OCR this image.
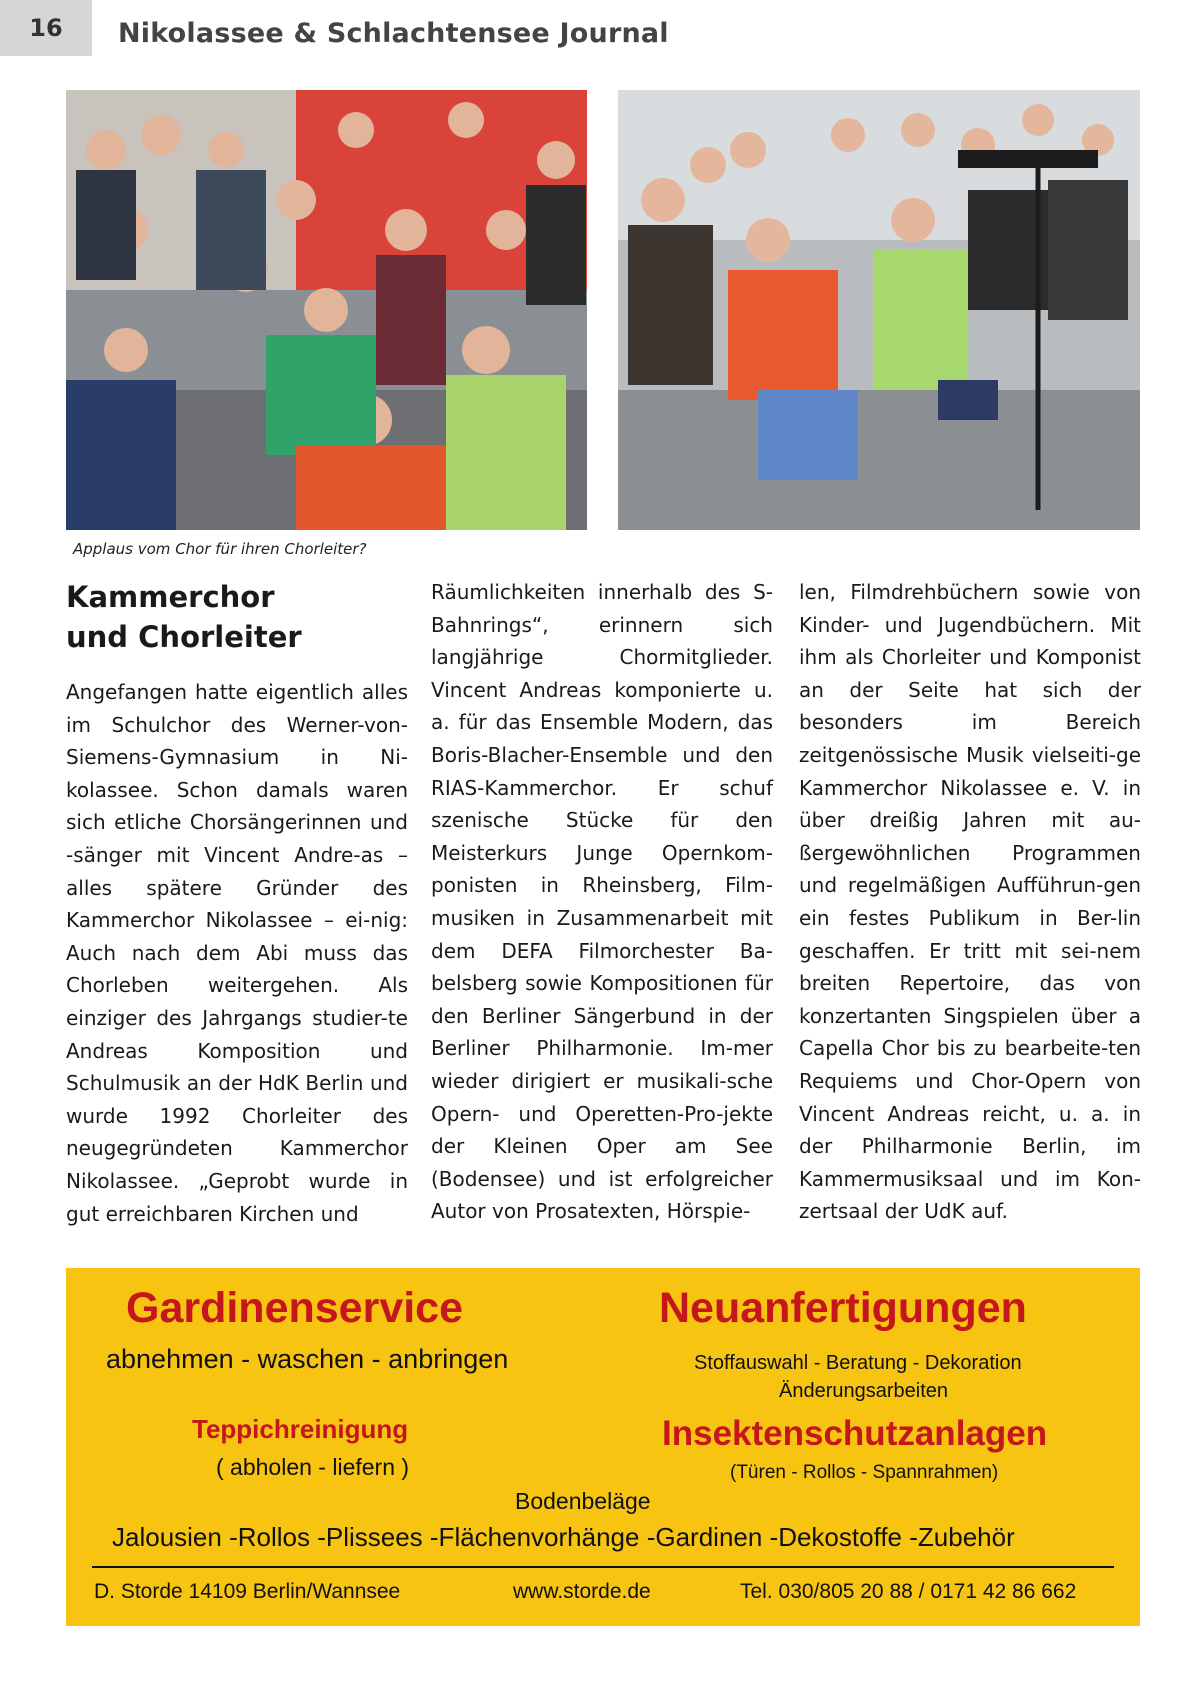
16	Nikolassee & Schlachtensee Journal
Applaus vom Chor für ihren Chorleiter?
Kammerchor
und Chorleiter

Angefangen hatte eigentlich alles im Schulchor des Werner-von-Siemens-Gymnasium in Ni-kolassee. Schon damals waren sich etliche Chorsängerinnen und -sänger mit Vincent Andre-as – alles spätere Gründer des Kammerchor Nikolassee – ei-nig: Auch nach dem Abi muss das Chorleben weitergehen. Als einziger des Jahrgangs studier-te Andreas Komposition und Schulmusik an der HdK Berlin und wurde 1992 Chorleiter des neugegründeten Kammerchor Nikolassee. „Geprobt wurde in gut erreichbaren Kirchen und

Räumlichkeiten innerhalb des S-Bahnrings“, erinnern sich langjährige Chormitglieder. Vincent Andreas komponierte u. a. für das Ensemble Modern, das Boris-Blacher-Ensemble und den RIAS-Kammerchor. Er schuf szenische Stücke für den Meisterkurs Junge Opernkom-ponisten in Rheinsberg, Film-musiken in Zusammenarbeit mit dem DEFA Filmorchester Ba-belsberg sowie Kompositionen für den Berliner Sängerbund in der Berliner Philharmonie. Im-mer wieder dirigiert er musikali-sche Opern- und Operetten-Pro-jekte der Kleinen Oper am See (Bodensee) und ist erfolgreicher Autor von Prosatexten, Hörspie-

len, Filmdrehbüchern sowie von Kinder- und Jugendbüchern. Mit ihm als Chorleiter und Komponist an der Seite hat sich der besonders im Bereich zeitgenössische Musik vielseiti-ge Kammerchor Nikolassee e. V. in über dreißig Jahren mit au-ßergewöhnlichen Programmen und regelmäßigen Aufführun-gen ein festes Publikum in Ber-lin geschaffen. Er tritt mit sei-nem breiten Repertoire, das von konzertanten Singspielen über a Capella Chor bis zu bearbeite-ten Requiems und Chor-Opern von Vincent Andreas reicht, u. a. in der Philharmonie Berlin, im Kammermusiksaal und im Kon-zertsaal der UdK auf.

Gardinenservice	Neuanfertigungen
abnehmen - waschen - anbringen	Stoffauswahl - Beratung - Dekoration
Änderungsarbeiten
Teppichreinigung	Insektenschutzanlagen
( abholen - liefern )	(Türen - Rollos - Spannrahmen)
Bodenbeläge
Jalousien -Rollos -Plissees -Flächenvorhänge -Gardinen -Dekostoffe -Zubehör
D. Storde 14109 Berlin/Wannsee	www.storde.de	Tel. 030/805 20 88 / 0171 42 86 662
